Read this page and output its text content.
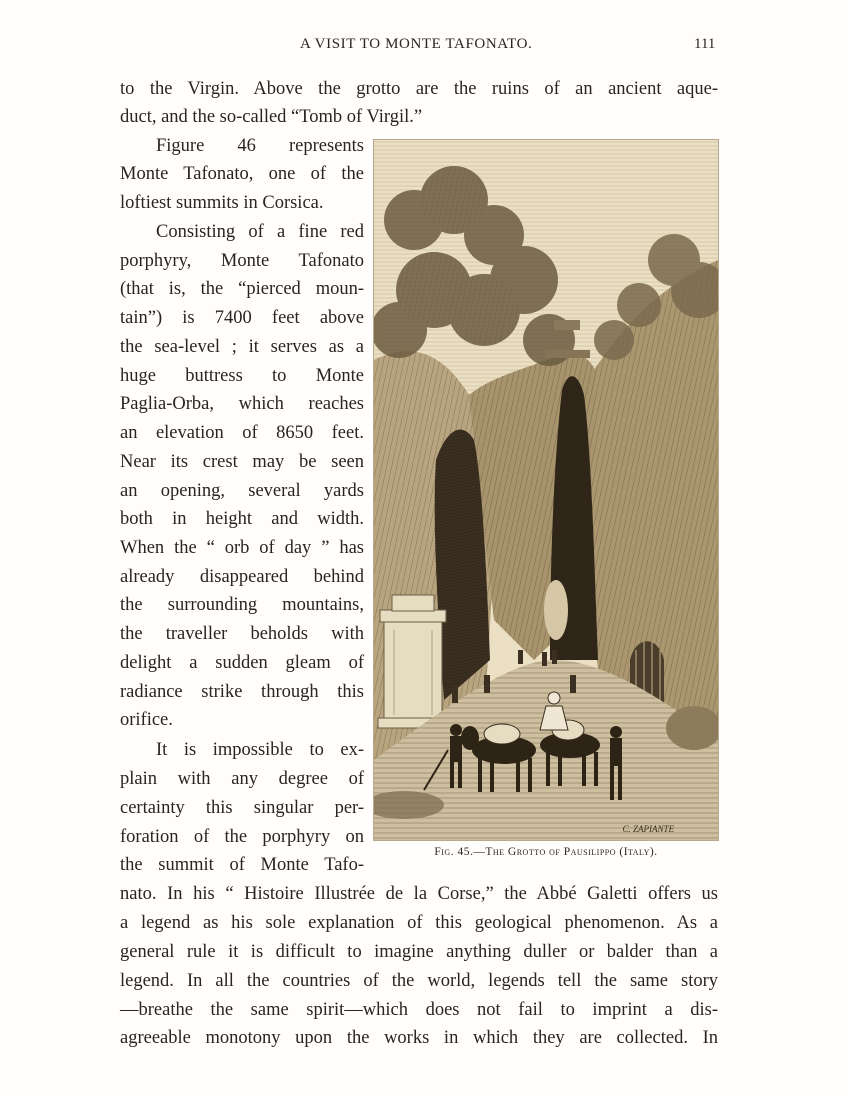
A VISIT TO MONTE TAFONATO.	111
to the Virgin. Above the grotto are the ruins of an ancient aque-
duct, and the so-called “Tomb of Virgil.”
Figure 46 represents
Monte Tafonato, one of the
loftiest summits in Corsica.
Consisting of a fine red
porphyry, Monte Tafonato
(that is, the “pierced moun-
tain”) is 7400 feet above
the sea-level ; it serves as a
huge buttress to Monte
Paglia-Orba, which reaches
an elevation of 8650 feet.
Near its crest may be seen
an opening, several yards
both in height and width.
When the “ orb of day ” has
already disappeared behind
the surrounding mountains,
the traveller beholds with
delight a sudden gleam of
radiance strike through this
orifice.
It is impossible to ex-
plain with any degree of
certainty this singular per-
foration of the porphyry on
the summit of Monte Tafo-
nato. In his “ Histoire Illustrée de la Corse,” the Abbé Galetti offers us
a legend as his sole explanation of this geological phenomenon. As a
general rule it is difficult to imagine anything duller or balder than a
legend. In all the countries of the world, legends tell the same story
—breathe the same spirit—which does not fail to imprint a dis-
agreeable monotony upon the works in which they are collected. In
C. ZAPIANTE
Fig. 45.—The Grotto of Pausilippo (Italy).
